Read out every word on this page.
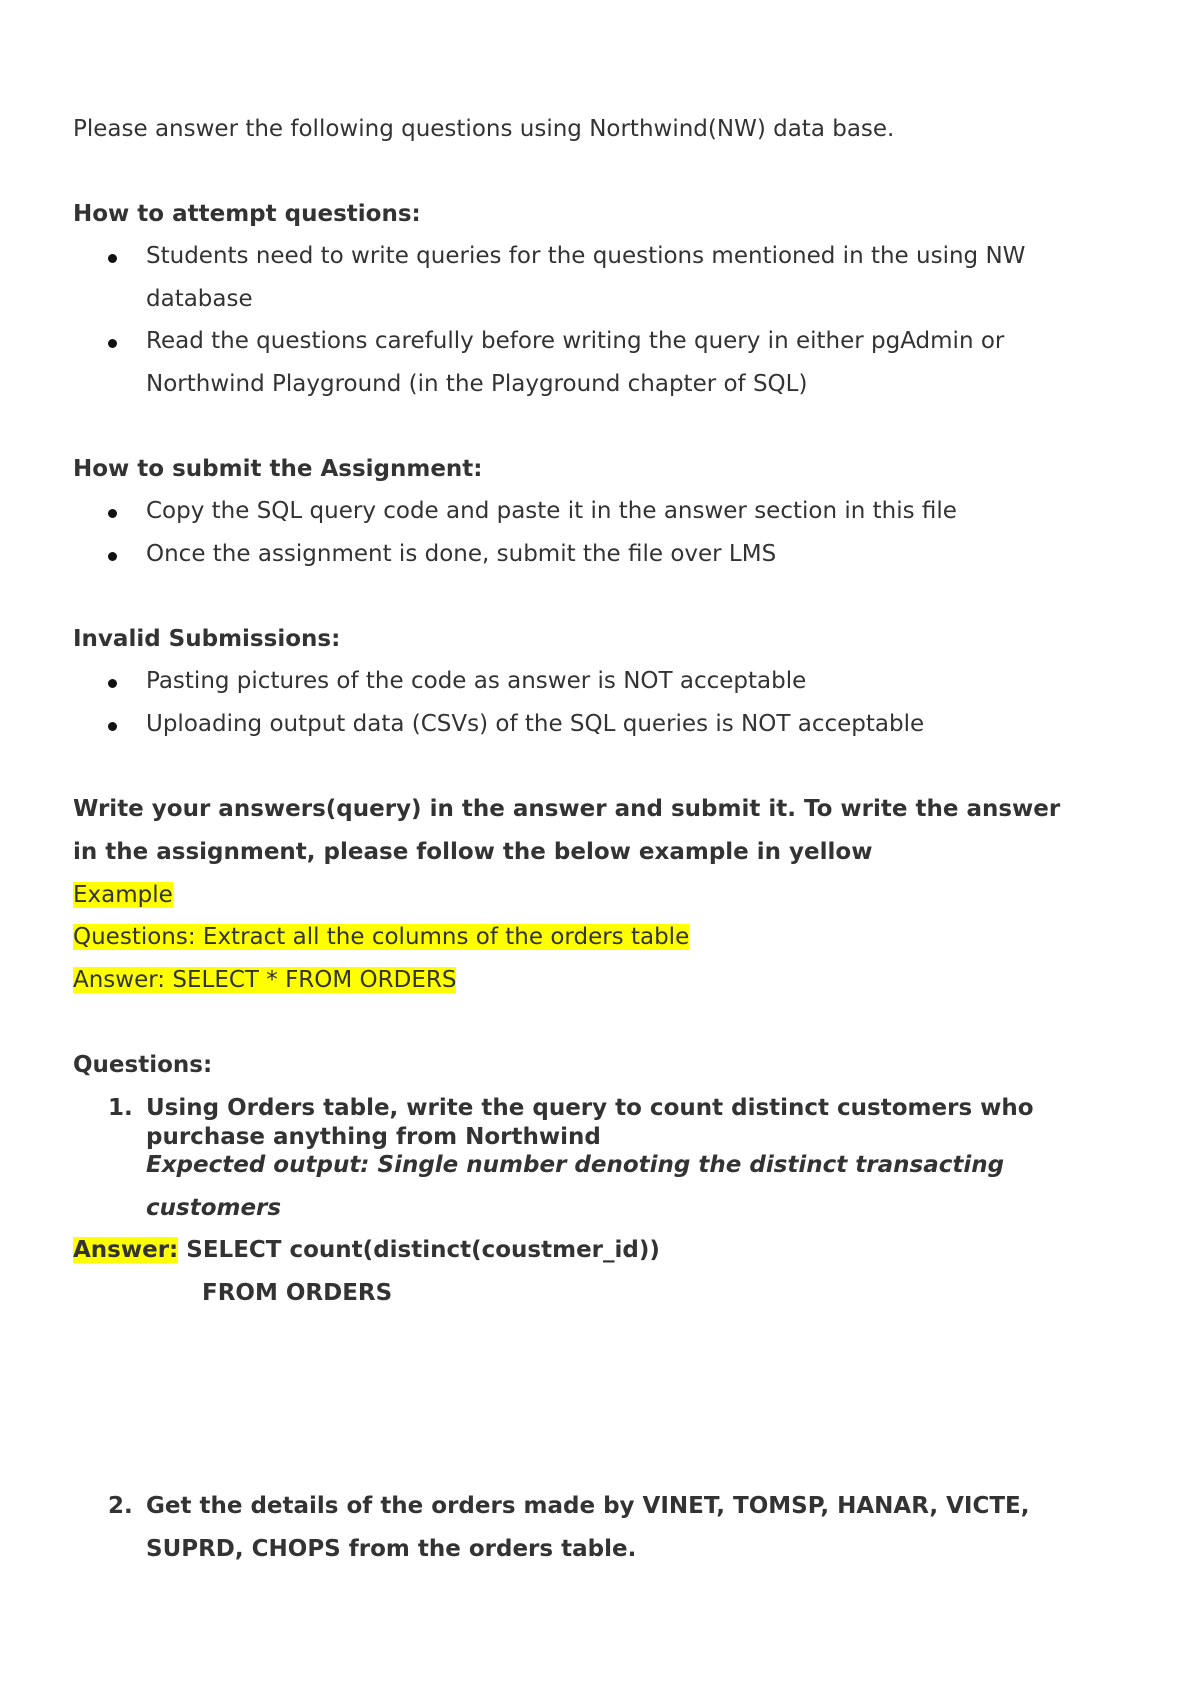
Please answer the following questions using Northwind(NW) data base.
How to attempt questions:
Students need to write queries for the questions mentioned in the using NW
database
Read the questions carefully before writing the query in either pgAdmin or
Northwind Playground (in the Playground chapter of SQL)
How to submit the Assignment:
Copy the SQL query code and paste it in the answer section in this file
Once the assignment is done, submit the file over LMS
Invalid Submissions:
Pasting pictures of the code as answer is NOT acceptable
Uploading output data (CSVs) of the SQL queries is NOT acceptable
Write your answers(query) in the answer and submit it. To write the answer
in the assignment, please follow the below example in yellow
Example
Questions: Extract all the columns of the orders table
Answer: SELECT * FROM ORDERS
Questions:
1. Using Orders table, write the query to count distinct customers who
purchase anything from Northwind
Expected output: Single number denoting the distinct transacting
customers
Answer: SELECT count(distinct(coustmer_id))
FROM ORDERS
2. Get the details of the orders made by VINET, TOMSP, HANAR, VICTE,
SUPRD, CHOPS from the orders table.
